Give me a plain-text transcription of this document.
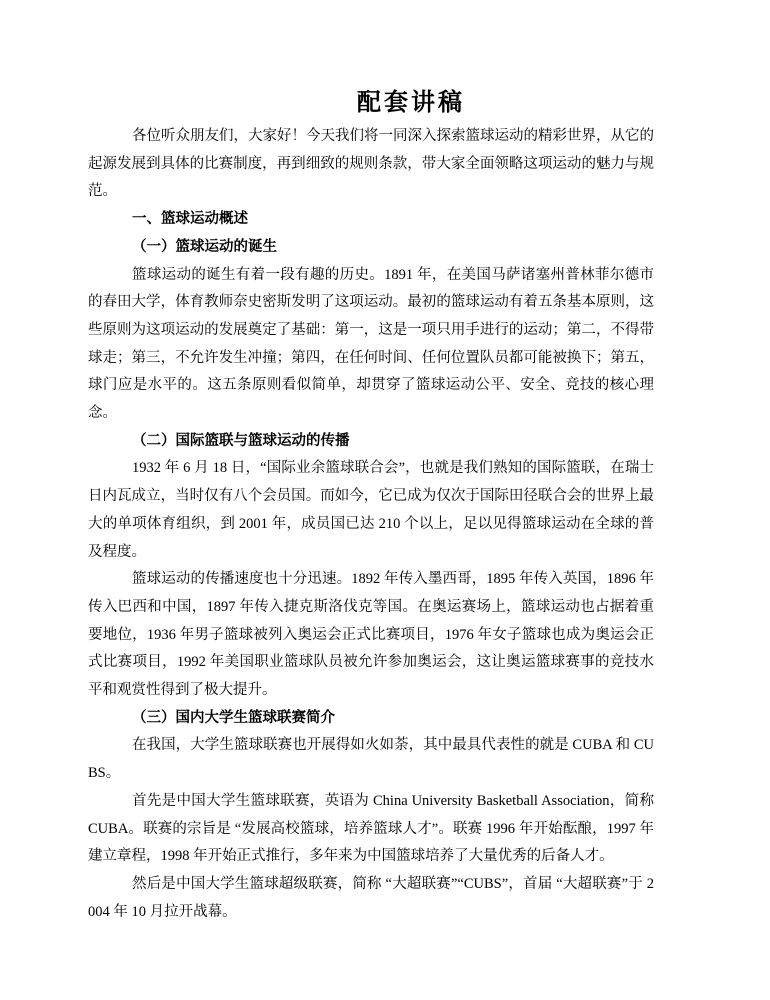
配套讲稿

各位听众朋友们，大家好！今天我们将一同深入探索篮球运动的精彩世界，从它的起源发展到具体的比赛制度，再到细致的规则条款，带大家全面领略这项运动的魅力与规范。

一、篮球运动概述

（一）篮球运动的诞生

篮球运动的诞生有着一段有趣的历史。1891 年，在美国马萨诸塞州普林菲尔德市的春田大学，体育教师奈史密斯发明了这项运动。最初的篮球运动有着五条基本原则，这些原则为这项运动的发展奠定了基础：第一，这是一项只用手进行的运动；第二，不得带球走；第三，不允许发生冲撞；第四，在任何时间、任何位置队员都可能被换下；第五，球门应是水平的。这五条原则看似简单，却贯穿了篮球运动公平、安全、竞技的核心理念。

（二）国际篮联与篮球运动的传播

1932 年 6 月 18 日，“国际业余篮球联合会”，也就是我们熟知的国际篮联，在瑞士日内瓦成立，当时仅有八个会员国。而如今，它已成为仅次于国际田径联合会的世界上最大的单项体育组织，到 2001 年，成员国已达 210 个以上，足以见得篮球运动在全球的普及程度。

篮球运动的传播速度也十分迅速。1892 年传入墨西哥，1895 年传入英国，1896 年传入巴西和中国，1897 年传入捷克斯洛伐克等国。在奥运赛场上，篮球运动也占据着重要地位，1936 年男子篮球被列入奥运会正式比赛项目，1976 年女子篮球也成为奥运会正式比赛项目，1992 年美国职业篮球队员被允许参加奥运会，这让奥运篮球赛事的竞技水平和观赏性得到了极大提升。

（三）国内大学生篮球联赛简介

在我国，大学生篮球联赛也开展得如火如荼，其中最具代表性的就是 CUBA 和 CUBS。

首先是中国大学生篮球联赛，英语为 China University Basketball Association，简称 CUBA。联赛的宗旨是 “发展高校篮球，培养篮球人才”。联赛 1996 年开始酝酿，1997 年建立章程，1998 年开始正式推行，多年来为中国篮球培养了大量优秀的后备人才。

然后是中国大学生篮球超级联赛，简称 “大超联赛”“CUBS”，首届 “大超联赛”于 2004 年 10 月拉开战幕。
